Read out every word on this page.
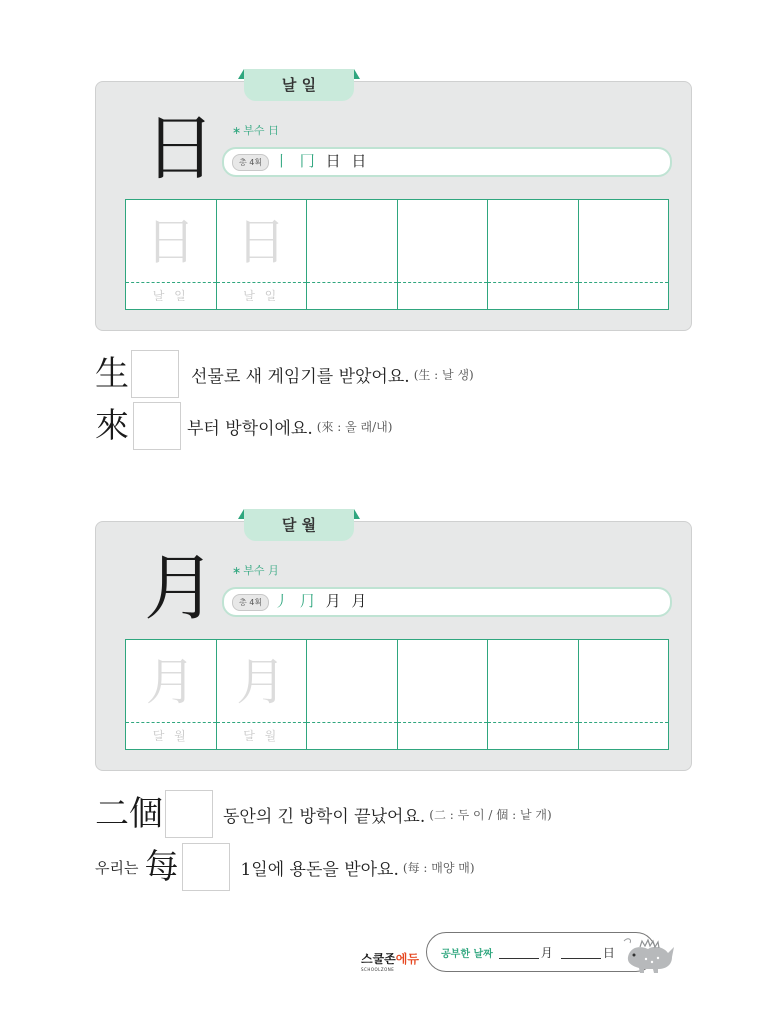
날 일
日 ∗ 부수 日
총 4획 丨 冂 日 日
日
날 일
日
날 일
生	선물로 새 게임기를 받았어요. (生 : 날 생)
來	부터 방학이에요. (來 : 올 래/내)
달 월
月 ∗ 부수 月
총 4획 丿 ⺆ 月 月
月
달 월
月
달 월
二個	동안의 긴 방학이 끝났어요. (二 : 두 이 / 個 : 낱 개)
우리는 每	1일에 용돈을 받아요. (每 : 매양 매)
스쿨존에듀
SCHOOLZONE
공부한 날짜	月	日
